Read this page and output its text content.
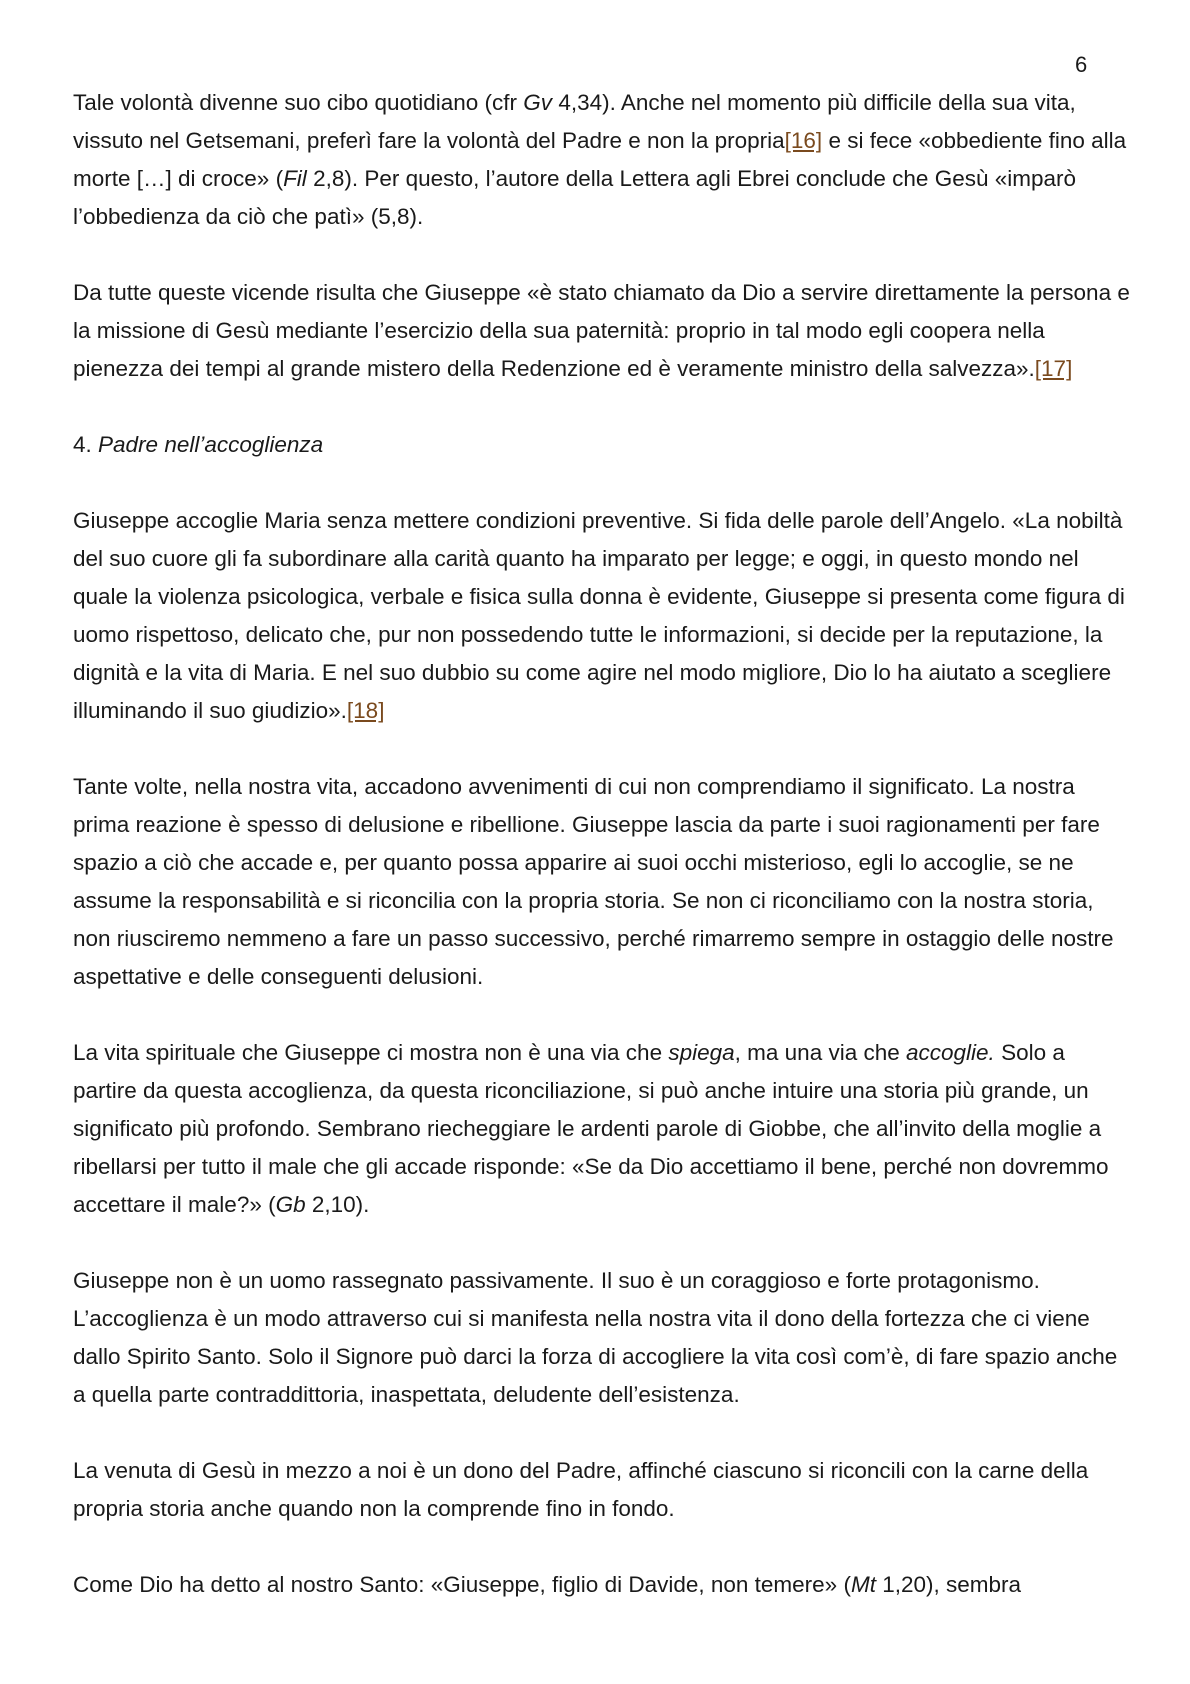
6

Tale volontà divenne suo cibo quotidiano (cfr Gv 4,34). Anche nel momento più difficile della sua vita, vissuto nel Getsemani, preferì fare la volontà del Padre e non la propria[16] e si fece «obbediente fino alla morte […] di croce» (Fil 2,8). Per questo, l’autore della Lettera agli Ebrei conclude che Gesù «imparò l’obbedienza da ciò che patì» (5,8).

Da tutte queste vicende risulta che Giuseppe «è stato chiamato da Dio a servire direttamente la persona e la missione di Gesù mediante l’esercizio della sua paternità: proprio in tal modo egli coopera nella pienezza dei tempi al grande mistero della Redenzione ed è veramente ministro della salvezza».[17]

4. Padre nell’accoglienza

Giuseppe accoglie Maria senza mettere condizioni preventive. Si fida delle parole dell’Angelo. «La nobiltà del suo cuore gli fa subordinare alla carità quanto ha imparato per legge; e oggi, in questo mondo nel quale la violenza psicologica, verbale e fisica sulla donna è evidente, Giuseppe si presenta come figura di uomo rispettoso, delicato che, pur non possedendo tutte le informazioni, si decide per la reputazione, la dignità e la vita di Maria. E nel suo dubbio su come agire nel modo migliore, Dio lo ha aiutato a scegliere illuminando il suo giudizio».[18]

Tante volte, nella nostra vita, accadono avvenimenti di cui non comprendiamo il significato. La nostra prima reazione è spesso di delusione e ribellione. Giuseppe lascia da parte i suoi ragionamenti per fare spazio a ciò che accade e, per quanto possa apparire ai suoi occhi misterioso, egli lo accoglie, se ne assume la responsabilità e si riconcilia con la propria storia. Se non ci riconciliamo con la nostra storia, non riusciremo nemmeno a fare un passo successivo, perché rimarremo sempre in ostaggio delle nostre aspettative e delle conseguenti delusioni.

La vita spirituale che Giuseppe ci mostra non è una via che spiega, ma una via che accoglie. Solo a partire da questa accoglienza, da questa riconciliazione, si può anche intuire una storia più grande, un significato più profondo. Sembrano riecheggiare le ardenti parole di Giobbe, che all’invito della moglie a ribellarsi per tutto il male che gli accade risponde: «Se da Dio accettiamo il bene, perché non dovremmo accettare il male?» (Gb 2,10).

Giuseppe non è un uomo rassegnato passivamente. Il suo è un coraggioso e forte protagonismo. L’accoglienza è un modo attraverso cui si manifesta nella nostra vita il dono della fortezza che ci viene dallo Spirito Santo. Solo il Signore può darci la forza di accogliere la vita così com’è, di fare spazio anche a quella parte contraddittoria, inaspettata, deludente dell’esistenza.

La venuta di Gesù in mezzo a noi è un dono del Padre, affinché ciascuno si riconcili con la carne della propria storia anche quando non la comprende fino in fondo.

Come Dio ha detto al nostro Santo: «Giuseppe, figlio di Davide, non temere» (Mt 1,20), sembra
